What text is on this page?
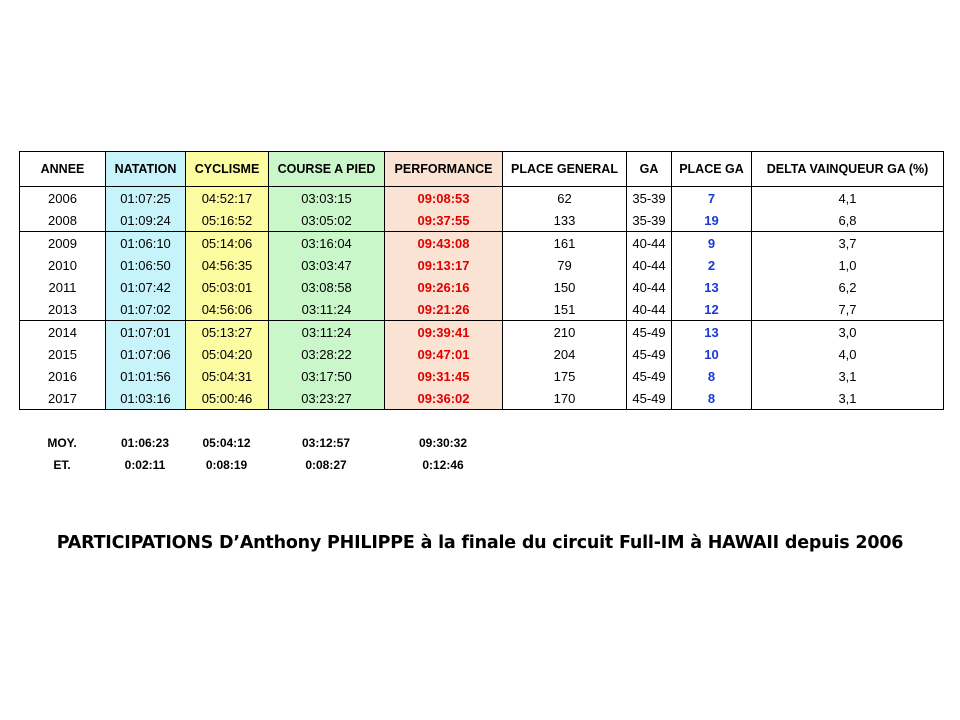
ANNEE	NATATION	CYCLISME	COURSE A PIED	PERFORMANCE	PLACE GENERAL	GA	PLACE GA	DELTA VAINQUEUR GA (%)
2006	01:07:25	04:52:17	03:03:15	09:08:53	62	35-39	7	4,1
2008	01:09:24	05:16:52	03:05:02	09:37:55	133	35-39	19	6,8
2009	01:06:10	05:14:06	03:16:04	09:43:08	161	40-44	9	3,7
2010	01:06:50	04:56:35	03:03:47	09:13:17	79	40-44	2	1,0
2011	01:07:42	05:03:01	03:08:58	09:26:16	150	40-44	13	6,2
2013	01:07:02	04:56:06	03:11:24	09:21:26	151	40-44	12	7,7
2014	01:07:01	05:13:27	03:11:24	09:39:41	210	45-49	13	3,0
2015	01:07:06	05:04:20	03:28:22	09:47:01	204	45-49	10	4,0
2016	01:01:56	05:04:31	03:17:50	09:31:45	175	45-49	8	3,1
2017	01:03:16	05:00:46	03:23:27	09:36:02	170	45-49	8	3,1
MOY.	01:06:23	05:04:12	03:12:57	09:30:32
ET.	0:02:11	0:08:19	0:08:27	0:12:46
PARTICIPATIONS D’Anthony PHILIPPE à la finale du circuit Full-IM à HAWAII depuis 2006
